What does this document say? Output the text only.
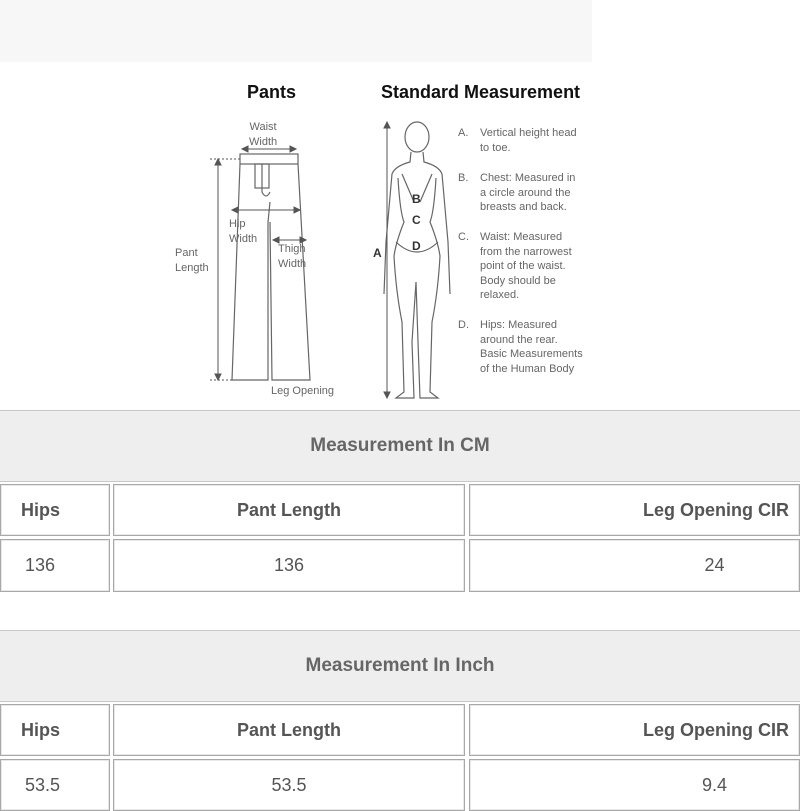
Pants	Standard Measurement
Waist
Width
Hip
Width
Thigh
Width
Pant
Length
Leg Opening
A
B
C
D
A. Vertical height head
to toe.
B. Chest: Measured in
a circle around the
breasts and back.
C. Waist: Measured
from the narrowest
point of the waist.
Body should be
relaxed.
D. Hips: Measured
around the rear.
Basic Measurements
of the Human Body
Measurement In CM
Hips	Pant Length	Leg Opening CIR
136	136	24
Measurement In Inch
Hips	Pant Length	Leg Opening CIR
53.5	53.5	9.4
